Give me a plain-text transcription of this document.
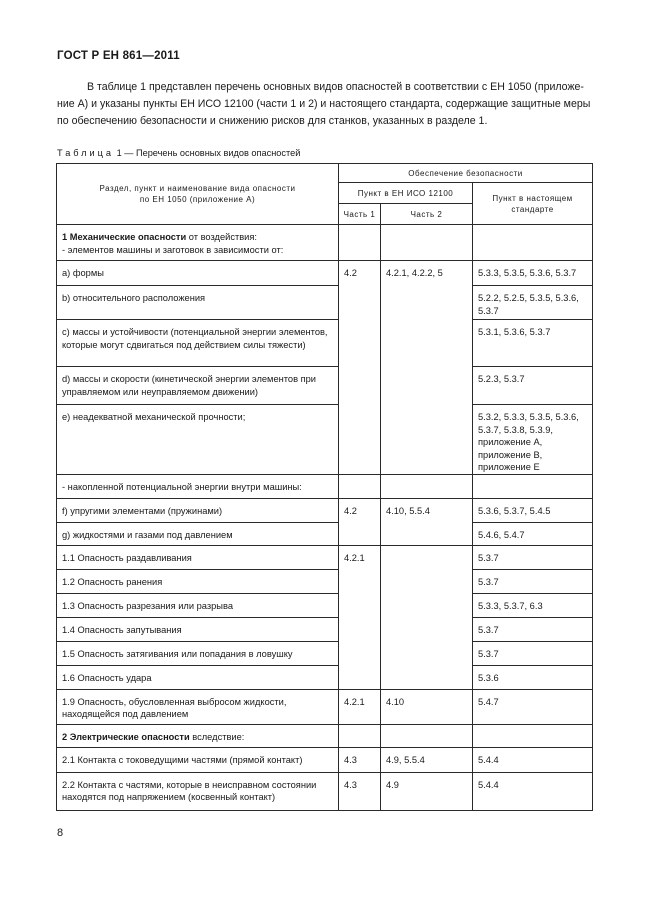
ГОСТ Р ЕН 861—2011
В таблице 1 представлен перечень основных видов опасностей в соответствии с ЕН 1050 (приложе-
ние А) и указаны пункты ЕН ИСО 12100 (части 1 и 2) и настоящего стандарта, содержащие защитные меры
по обеспечению безопасности и снижению рисков для станков, указанных в разделе 1.
Таблица 1 — Перечень основных видов опасностей
Раздел, пункт и наименование вида опасности по ЕН 1050 (приложение А)	Обеспечение безопасности		
	Пункт в ЕН ИСО 12100		Пункт в настоящем стандарте
	Часть 1	Часть 2	
1 Механические опасности от воздействия:
- элементов машины и заготовок в зависимости от:			
а) формы	4.2	4.2.1, 4.2.2, 5	5.3.3, 5.3.5, 5.3.6, 5.3.7
b) относительного расположения			5.2.2, 5.2.5, 5.3.5, 5.3.6, 5.3.7
c) массы и устойчивости (потенциальной энергии элементов, которые могут сдвигаться под действием силы тяжести)			5.3.1, 5.3.6, 5.3.7
d) массы и скорости (кинетической энергии элементов при управляемом или неуправляемом движении)			5.2.3, 5.3.7
е) неадекватной механической прочности;			5.3.2, 5.3.3, 5.3.5, 5.3.6, 5.3.7, 5.3.8, 5.3.9, приложение А, приложение В, приложение Е
- накопленной потенциальной энергии внутри машины:			
f) упругими элементами (пружинами)	4.2	4.10, 5.5.4	5.3.6, 5.3.7, 5.4.5
g) жидкостями и газами под давлением			5.4.6, 5.4.7
1.1 Опасность раздавливания	4.2.1		5.3.7
1.2 Опасность ранения			5.3.7
1.3 Опасность разрезания или разрыва			5.3.3, 5.3.7, 6.3
1.4 Опасность запутывания			5.3.7
1.5 Опасность затягивания или попадания в ловушку			5.3.7
1.6 Опасность удара			5.3.6
1.9 Опасность, обусловленная выбросом жидкости, находящейся под давлением	4.2.1	4.10	5.4.7
2 Электрические опасности вследствие:			
2.1 Контакта с токоведущими частями (прямой контакт)	4.3	4.9, 5.5.4	5.4.4
2.2 Контакта с частями, которые в неисправном состоянии находятся под напряжением (косвенный контакт)	4.3	4.9	5.4.4
8
